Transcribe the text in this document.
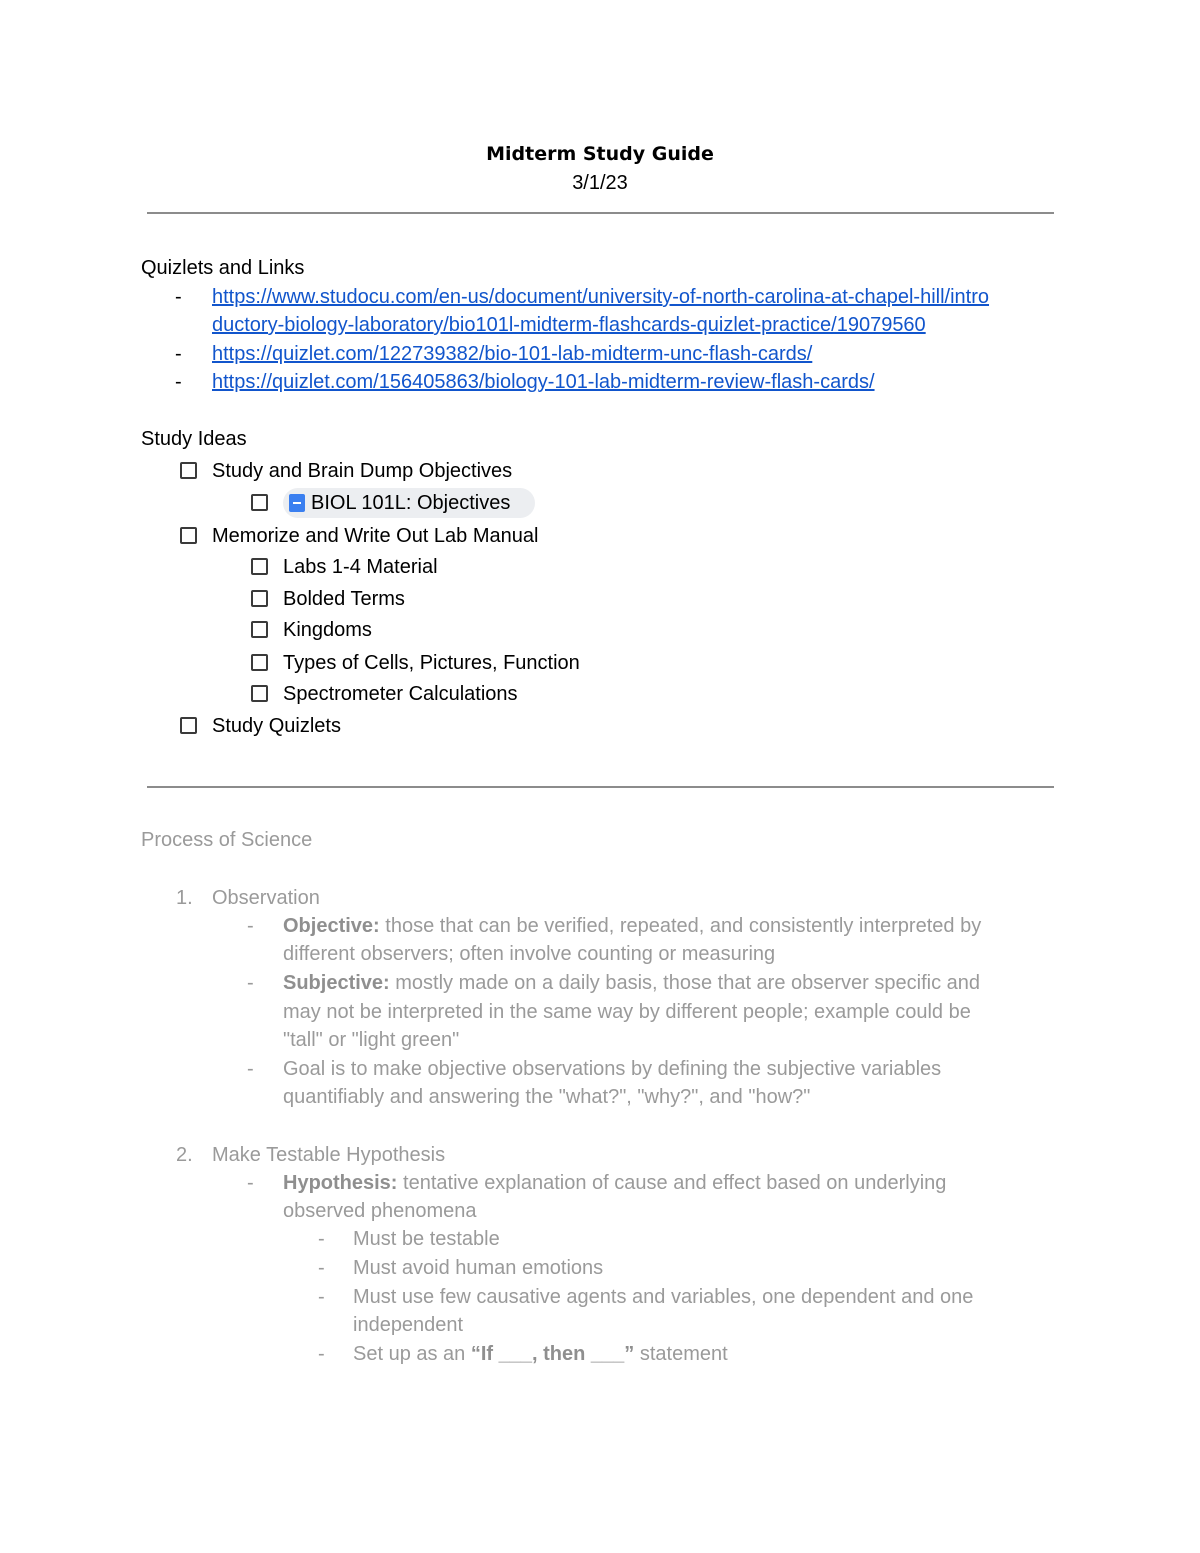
Midterm Study Guide
3/1/23
Quizlets and Links
- https://www.studocu.com/en-us/document/university-of-north-carolina-at-chapel-hill/intro
ductory-biology-laboratory/bio101l-midterm-flashcards-quizlet-practice/19079560
- https://quizlet.com/122739382/bio-101-lab-midterm-unc-flash-cards/
- https://quizlet.com/156405863/biology-101-lab-midterm-review-flash-cards/
Study Ideas
Study and Brain Dump Objectives
BIOL 101L: Objectives
Memorize and Write Out Lab Manual
Labs 1-4 Material
Bolded Terms
Kingdoms
Types of Cells, Pictures, Function
Spectrometer Calculations
Study Quizlets
Process of Science
1. Observation
- Objective: those that can be verified, repeated, and consistently interpreted by
different observers; often involve counting or measuring
- Subjective: mostly made on a daily basis, those that are observer specific and
may not be interpreted in the same way by different people; example could be
"tall" or "light green"
- Goal is to make objective observations by defining the subjective variables
quantifiably and answering the "what?", "why?", and "how?"
2. Make Testable Hypothesis
- Hypothesis: tentative explanation of cause and effect based on underlying
observed phenomena
- Must be testable
- Must avoid human emotions
- Must use few causative agents and variables, one dependent and one
independent
- Set up as an “If ___, then ___” statement
